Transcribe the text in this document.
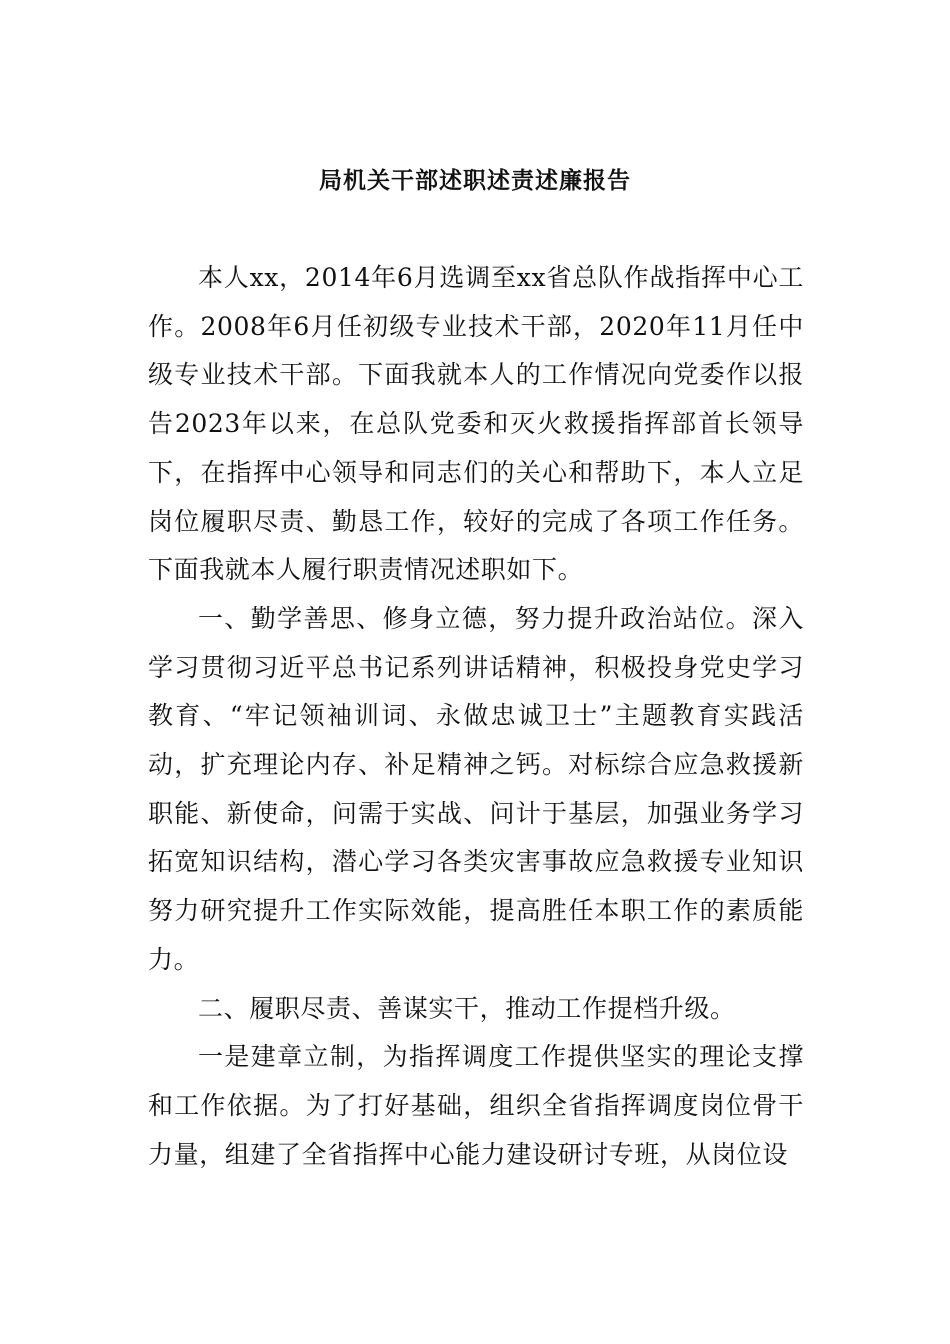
局机关干部述职述责述廉报告

本人xx，2014年6月选调至xx省总队作战指挥中心工作。2008年6月任初级专业技术干部，2020年11月任中级专业技术干部。下面我就本人的工作情况向党委作以报告2023年以来，在总队党委和灭火救援指挥部首长领导下，在指挥中心领导和同志们的关心和帮助下，本人立足岗位履职尽责、勤恳工作，较好的完成了各项工作任务。下面我就本人履行职责情况述职如下。

一、勤学善思、修身立德，努力提升政治站位。深入学习贯彻习近平总书记系列讲话精神，积极投身党史学习教育、“牢记领袖训词、永做忠诚卫士”主题教育实践活动，扩充理论内存、补足精神之钙。对标综合应急救援新职能、新使命，问需于实战、问计于基层，加强业务学习拓宽知识结构，潜心学习各类灾害事故应急救援专业知识努力研究提升工作实际效能，提高胜任本职工作的素质能力。

二、履职尽责、善谋实干，推动工作提档升级。

一是建章立制，为指挥调度工作提供坚实的理论支撑和工作依据。为了打好基础，组织全省指挥调度岗位骨干力量，组建了全省指挥中心能力建设研讨专班，从岗位设
